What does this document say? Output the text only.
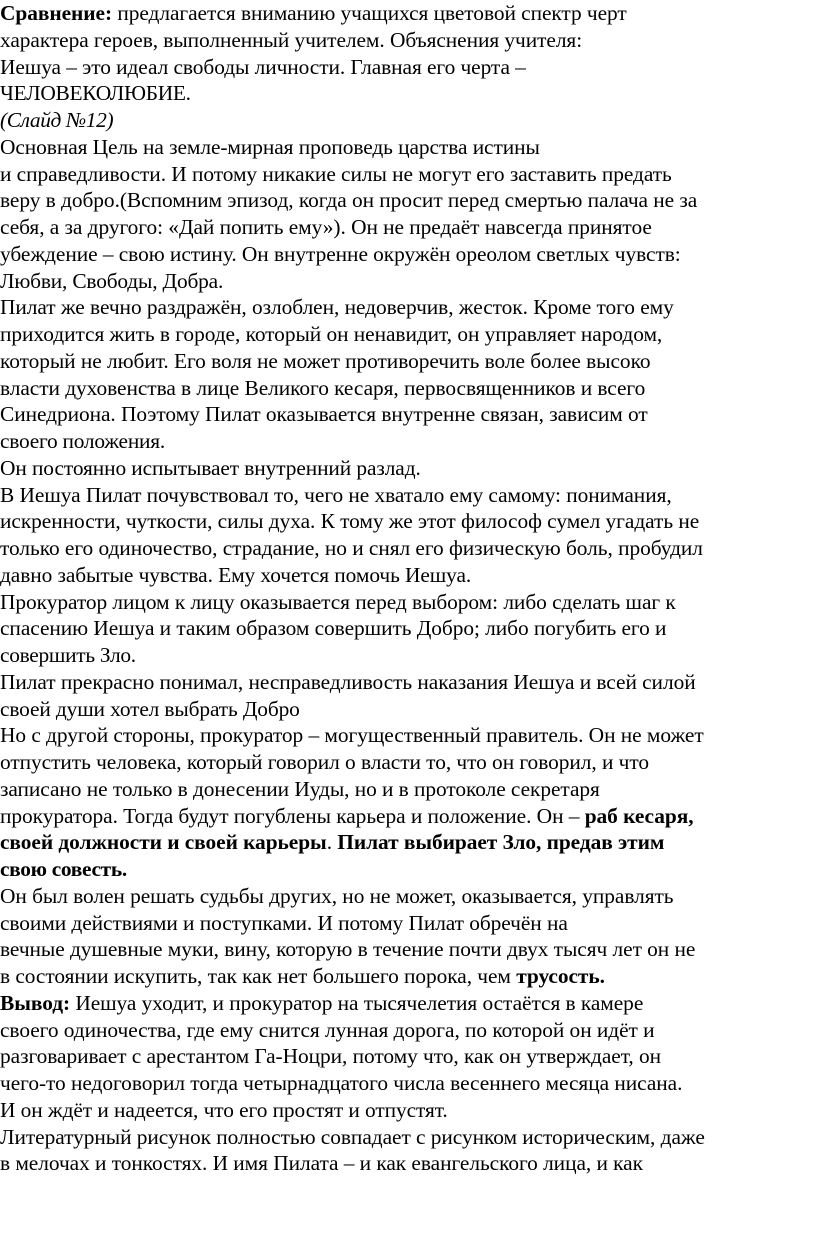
Сравнение: предлагается вниманию учащихся цветовой спектр черт
характера героев, выполненный учителем. Объяснения учителя:
Иешуа – это идеал свободы личности. Главная его черта –
ЧЕЛОВЕКОЛЮБИЕ.
(Слайд №12)
Основная Цель на земле-мирная проповедь царства истины
и справедливости. И потому никакие силы не могут его заставить предать
веру в добро.(Вспомним эпизод, когда он просит перед смертью палача не за
себя, а за другого: «Дай попить ему»). Он не предаёт навсегда принятое
убеждение – свою истину. Он внутренне окружён ореолом светлых чувств:
Любви, Свободы, Добра.
Пилат же вечно раздражён, озлоблен, недоверчив, жесток. Кроме того ему
приходится жить в городе, который он ненавидит, он управляет народом,
который не любит. Его воля не может противоречить воле более высоко
власти духовенства в лице Великого кесаря, первосвященников и всего
Синедриона. Поэтому Пилат оказывается внутренне связан, зависим от
своего положения.
Он постоянно испытывает внутренний разлад.
В Иешуа Пилат почувствовал то, чего не хватало ему самому: понимания,
искренности, чуткости, силы духа. К тому же этот философ сумел угадать не
только его одиночество, страдание, но и снял его физическую боль, пробудил
давно забытые чувства. Ему хочется помочь Иешуа.
Прокуратор лицом к лицу оказывается перед выбором: либо сделать шаг к
спасению Иешуа и таким образом совершить Добро; либо погубить его и
совершить Зло.
Пилат прекрасно понимал, несправедливость наказания Иешуа и всей силой
своей души хотел выбрать Добро
Но с другой стороны, прокуратор – могущественный правитель. Он не может
отпустить человека, который говорил о власти то, что он говорил, и что
записано не только в донесении Иуды, но и в протоколе секретаря
прокуратора. Тогда будут погублены карьера и положение. Он – раб кесаря,
своей должности и своей карьеры. Пилат выбирает Зло, предав этим
свою совесть.
Он был волен решать судьбы других, но не может, оказывается, управлять
своими действиями и поступками. И потому Пилат обречён на
вечные душевные муки, вину, которую в течение почти двух тысяч лет он не
в состоянии искупить, так как нет большего порока, чем трусость.
Вывод: Иешуа уходит, и прокуратор на тысячелетия остаётся в камере
своего одиночества, где ему снится лунная дорога, по которой он идёт и
разговаривает с арестантом Га-Ноцри, потому что, как он утверждает, он
чего-то недоговорил тогда четырнадцатого числа весеннего месяца нисана.
И он ждёт и надеется, что его простят и отпустят.
Литературный рисунок полностью совпадает с рисунком историческим, даже
в мелочах и тонкостях. И имя Пилата – и как евангельского лица, и как
